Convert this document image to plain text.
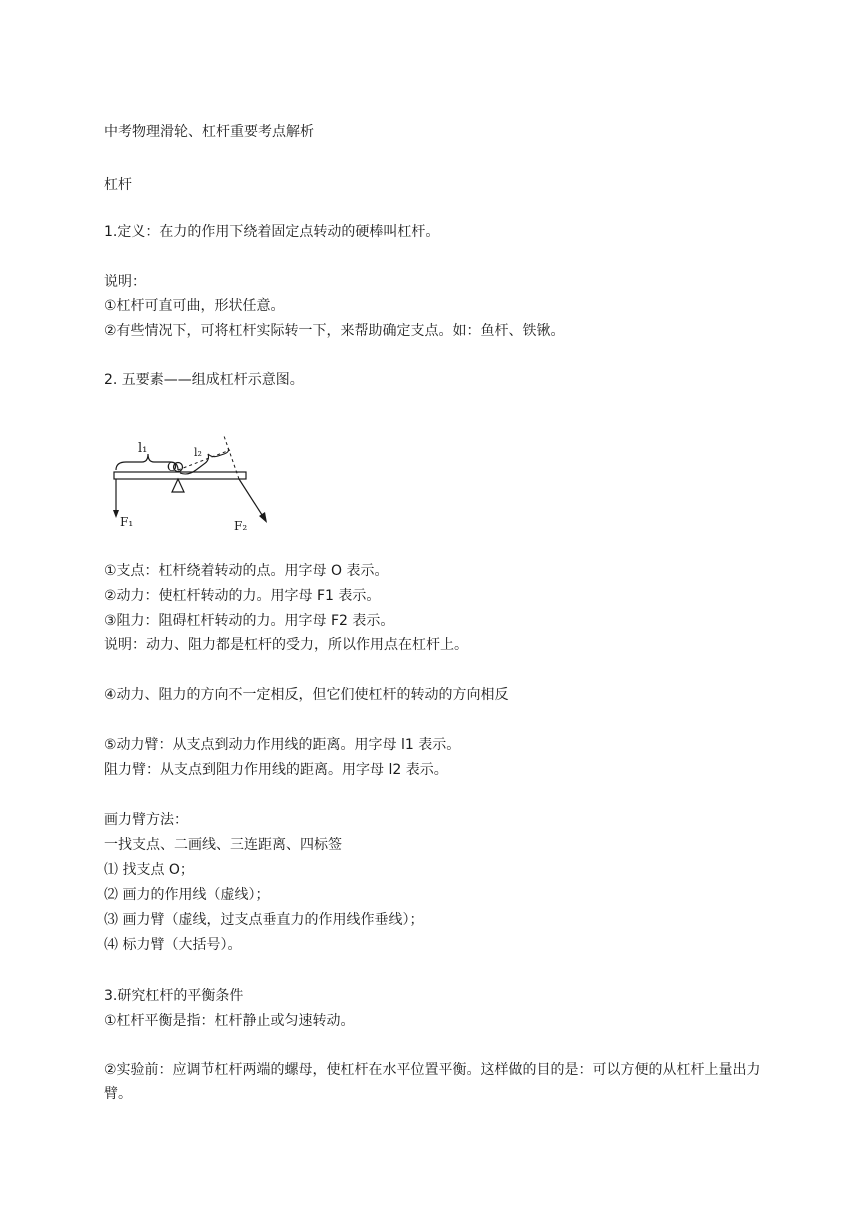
中考物理滑轮、杠杆重要考点解析
杠杆
1.定义：在力的作用下绕着固定点转动的硬棒叫杠杆。
说明：
①杠杆可直可曲，形状任意。
②有些情况下，可将杠杆实际转一下，来帮助确定支点。如：鱼杆、铁锹。
2. 五要素——组成杠杆示意图。
l₁	l₂
O
F₁	F₂
①支点：杠杆绕着转动的点。用字母 O 表示。
②动力：使杠杆转动的力。用字母 F1 表示。
③阻力：阻碍杠杆转动的力。用字母 F2 表示。
说明：动力、阻力都是杠杆的受力，所以作用点在杠杆上。
④动力、阻力的方向不一定相反，但它们使杠杆的转动的方向相反
⑤动力臂：从支点到动力作用线的距离。用字母 l1 表示。
阻力臂：从支点到阻力作用线的距离。用字母 l2 表示。
画力臂方法：
一找支点、二画线、三连距离、四标签
⑴ 找支点 O；
⑵ 画力的作用线（虚线）；
⑶ 画力臂（虚线，过支点垂直力的作用线作垂线）；
⑷ 标力臂（大括号）。
3.研究杠杆的平衡条件
①杠杆平衡是指：杠杆静止或匀速转动。
②实验前：应调节杠杆两端的螺母，使杠杆在水平位置平衡。这样做的目的是：可以方便的从杠杆上量出力臂。
